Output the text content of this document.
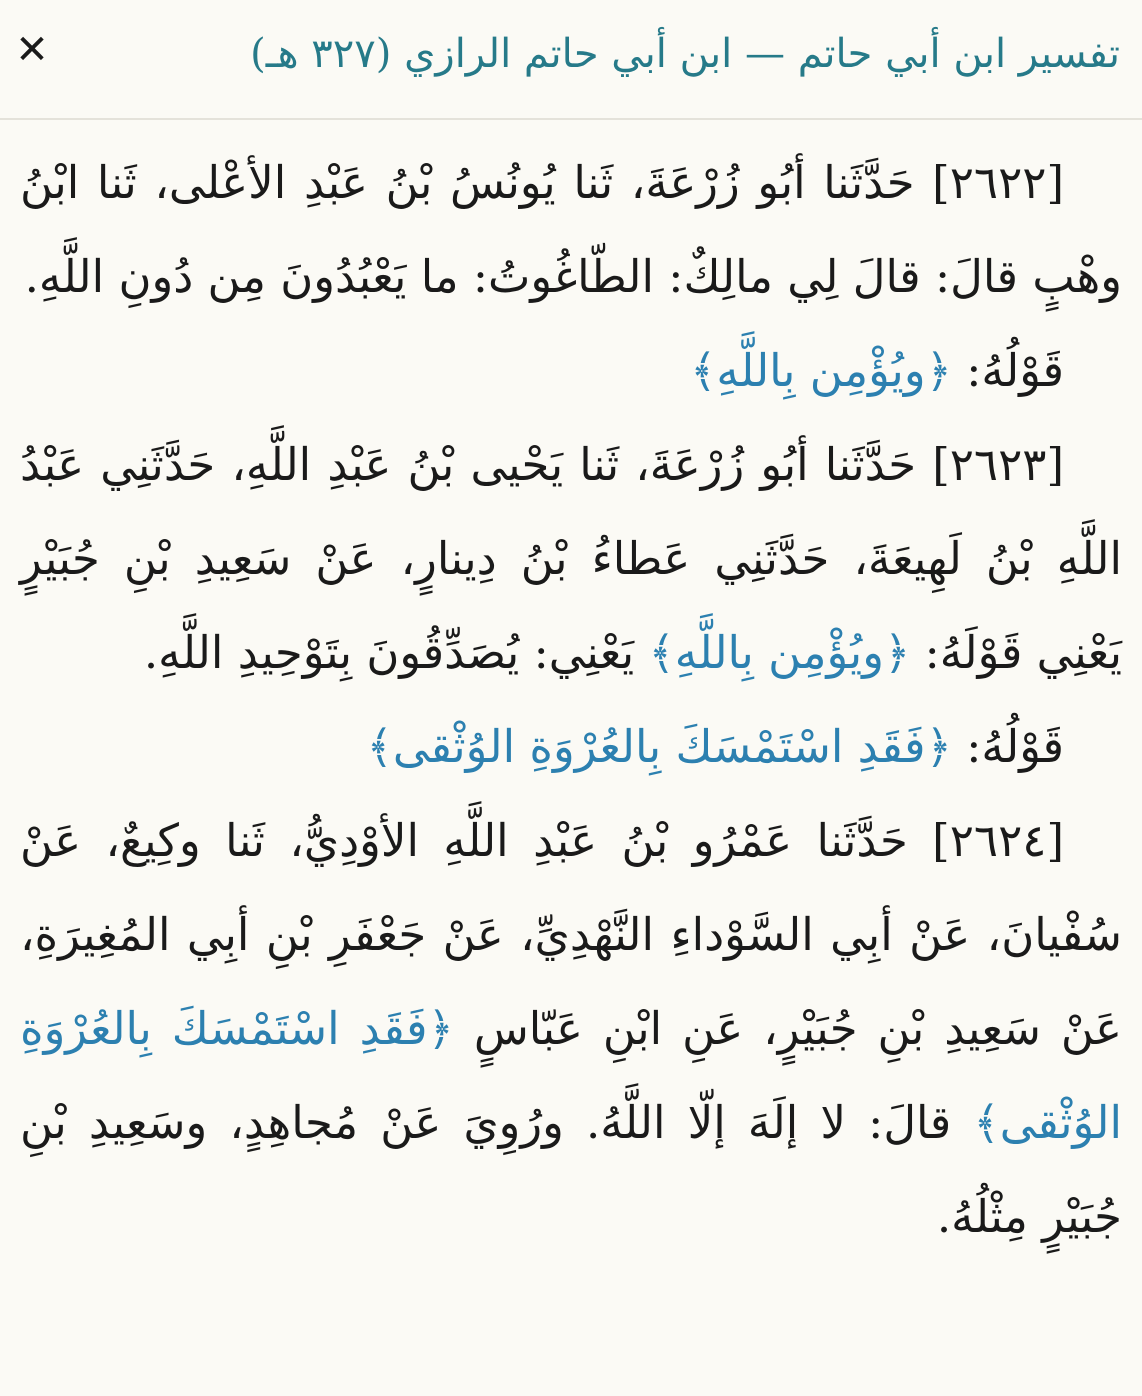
تفسير ابن أبي حاتم — ابن أبي حاتم الرازي (٣٢٧ هـ)
✕

[٢٦٢٢] حَدَّثَنا أبُو زُرْعَةَ، ثَنا يُونُسُ بْنُ عَبْدِ الأعْلى، ثَنا ابْنُ وهْبٍ قالَ: قالَ لِي مالِكٌ: الطّاغُوتُ: ما يَعْبُدُونَ مِن دُونِ اللَّهِ.

قَوْلُهُ: ﴿ويُؤْمِن بِاللَّهِ﴾

[٢٦٢٣] حَدَّثَنا أبُو زُرْعَةَ، ثَنا يَحْيى بْنُ عَبْدِ اللَّهِ، حَدَّثَنِي عَبْدُ اللَّهِ بْنُ لَهِيعَةَ، حَدَّثَنِي عَطاءُ بْنُ دِينارٍ، عَنْ سَعِيدِ بْنِ جُبَيْرٍ يَعْنِي قَوْلَهُ: ﴿ويُؤْمِن بِاللَّهِ﴾ يَعْنِي: يُصَدِّقُونَ بِتَوْحِيدِ اللَّهِ.

قَوْلُهُ: ﴿فَقَدِ اسْتَمْسَكَ بِالعُرْوَةِ الوُثْقى﴾

[٢٦٢٤] حَدَّثَنا عَمْرُو بْنُ عَبْدِ اللَّهِ الأوْدِيُّ، ثَنا وكِيعٌ، عَنْ سُفْيانَ، عَنْ أبِي السَّوْداءِ النَّهْدِيِّ، عَنْ جَعْفَرِ بْنِ أبِي المُغِيرَةِ، عَنْ سَعِيدِ بْنِ جُبَيْرٍ، عَنِ ابْنِ عَبّاسٍ ﴿فَقَدِ اسْتَمْسَكَ بِالعُرْوَةِ الوُثْقى﴾ قالَ: لا إلَهَ إلّا اللَّهُ. ورُوِيَ عَنْ مُجاهِدٍ، وسَعِيدِ بْنِ جُبَيْرٍ مِثْلُهُ.
